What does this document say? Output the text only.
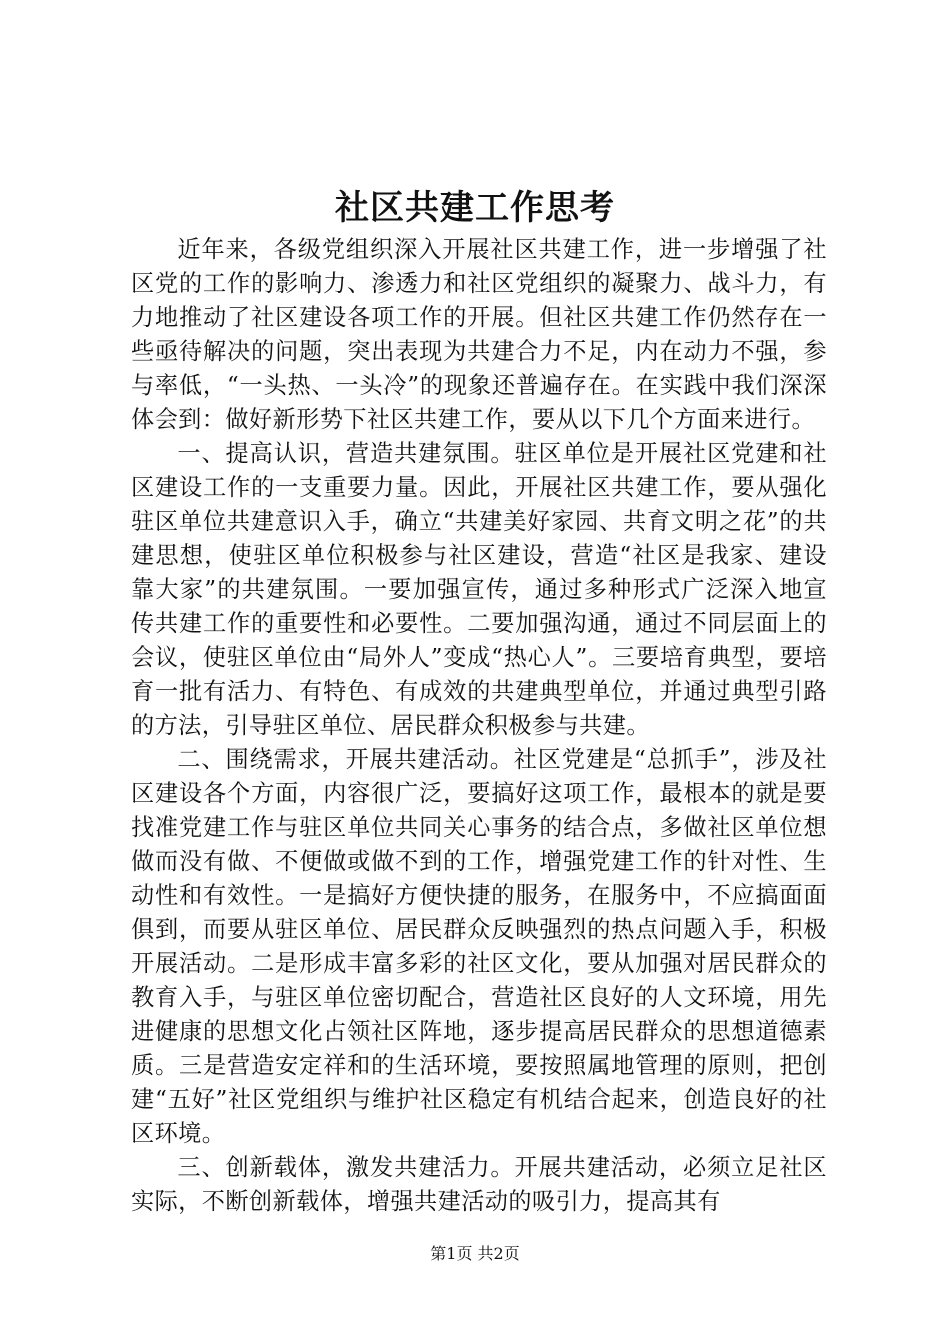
社区共建工作思考

近年来，各级党组织深入开展社区共建工作，进一步增强了社区党的工作的影响力、渗透力和社区党组织的凝聚力、战斗力，有力地推动了社区建设各项工作的开展。但社区共建工作仍然存在一些亟待解决的问题，突出表现为共建合力不足，内在动力不强，参与率低，“一头热、一头冷”的现象还普遍存在。在实践中我们深深体会到：做好新形势下社区共建工作，要从以下几个方面来进行。

一、提高认识，营造共建氛围。驻区单位是开展社区党建和社区建设工作的一支重要力量。因此，开展社区共建工作，要从强化驻区单位共建意识入手，确立“共建美好家园、共育文明之花”的共建思想，使驻区单位积极参与社区建设，营造“社区是我家、建设靠大家”的共建氛围。一要加强宣传，通过多种形式广泛深入地宣传共建工作的重要性和必要性。二要加强沟通，通过不同层面上的会议，使驻区单位由“局外人”变成“热心人”。三要培育典型，要培育一批有活力、有特色、有成效的共建典型单位，并通过典型引路的方法，引导驻区单位、居民群众积极参与共建。

二、围绕需求，开展共建活动。社区党建是“总抓手”，涉及社区建设各个方面，内容很广泛，要搞好这项工作，最根本的就是要找准党建工作与驻区单位共同关心事务的结合点，多做社区单位想做而没有做、不便做或做不到的工作，增强党建工作的针对性、生动性和有效性。一是搞好方便快捷的服务，在服务中，不应搞面面俱到，而要从驻区单位、居民群众反映强烈的热点问题入手，积极开展活动。二是形成丰富多彩的社区文化，要从加强对居民群众的教育入手，与驻区单位密切配合，营造社区良好的人文环境，用先进健康的思想文化占领社区阵地，逐步提高居民群众的思想道德素质。三是营造安定祥和的生活环境，要按照属地管理的原则，把创建“五好”社区党组织与维护社区稳定有机结合起来，创造良好的社区环境。

三、创新载体，激发共建活力。开展共建活动，必须立足社区实际，不断创新载体，增强共建活动的吸引力，提高其有

第1页 共2页
